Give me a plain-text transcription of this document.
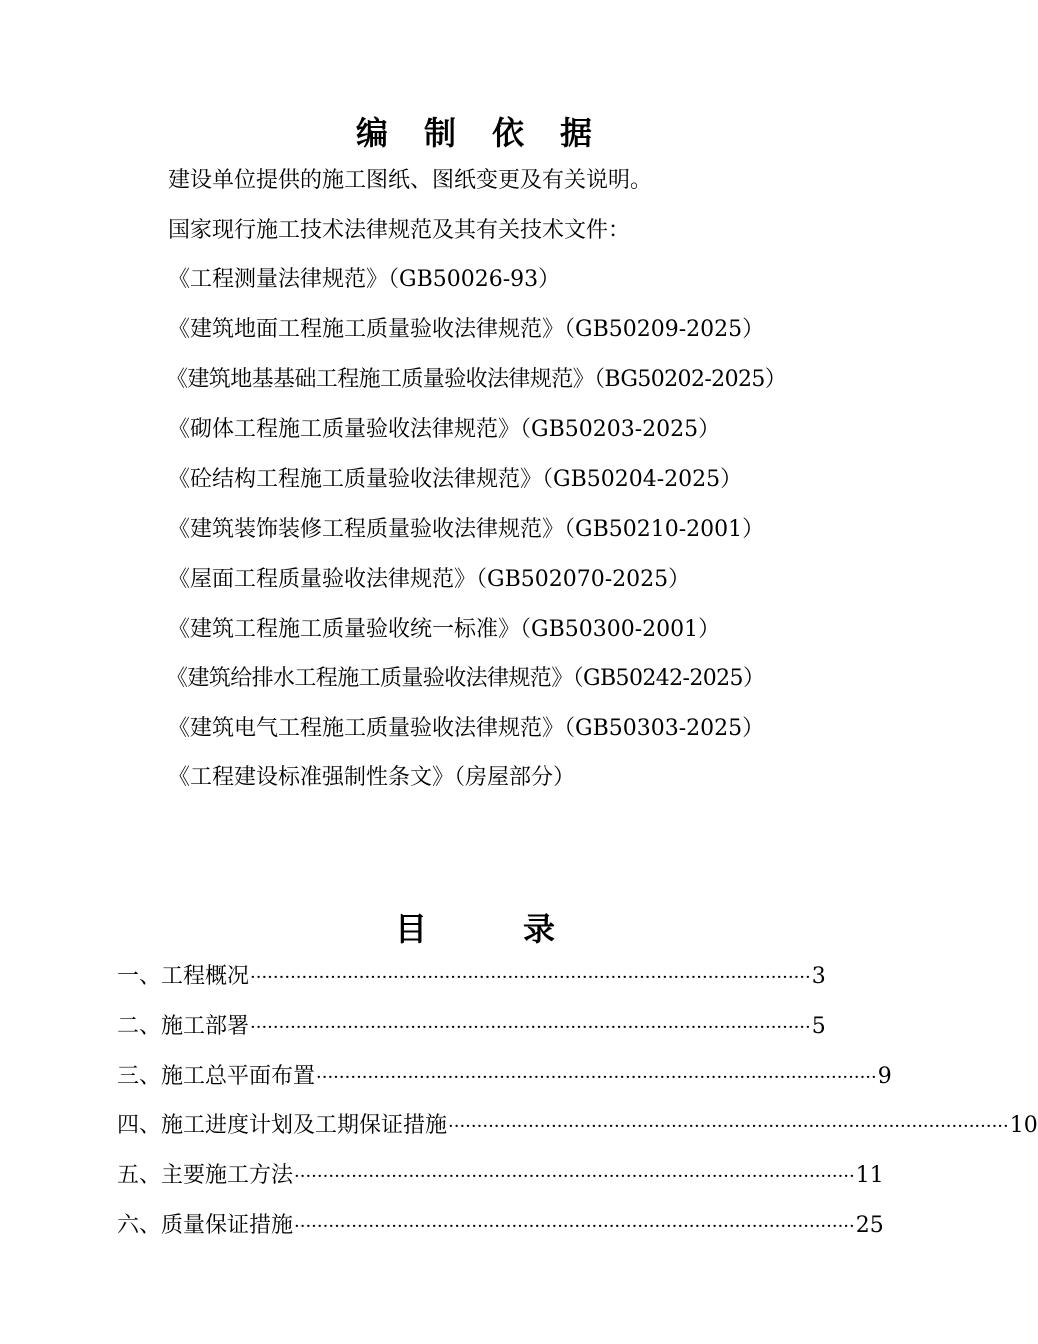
编　制　依　据
建设单位提供的施工图纸、图纸变更及有关说明。
国家现行施工技术法律规范及其有关技术文件：
《工程测量法律规范》（GB50026-93）
《建筑地面工程施工质量验收法律规范》（GB50209-2025）
《建筑地基基础工程施工质量验收法律规范》（BG50202-2025）
《砌体工程施工质量验收法律规范》（GB50203-2025）
《砼结构工程施工质量验收法律规范》（GB50204-2025）
《建筑装饰装修工程质量验收法律规范》（GB50210-2001）
《屋面工程质量验收法律规范》（GB502070-2025）
《建筑工程施工质量验收统一标准》（GB50300-2001）
《建筑给排水工程施工质量验收法律规范》（GB50242-2025）
《建筑电气工程施工质量验收法律规范》（GB50303-2025）
《工程建设标准强制性条文》（房屋部分）
目　　　录
一、工程概况 ·································································································· 3
二、施工部署 ·································································································· 5
三、施工总平面布置 ·································································································· 9
四、施工进度计划及工期保证措施 ·································································································· 10
五、主要施工方法 ·································································································· 11
六、质量保证措施 ·································································································· 25
